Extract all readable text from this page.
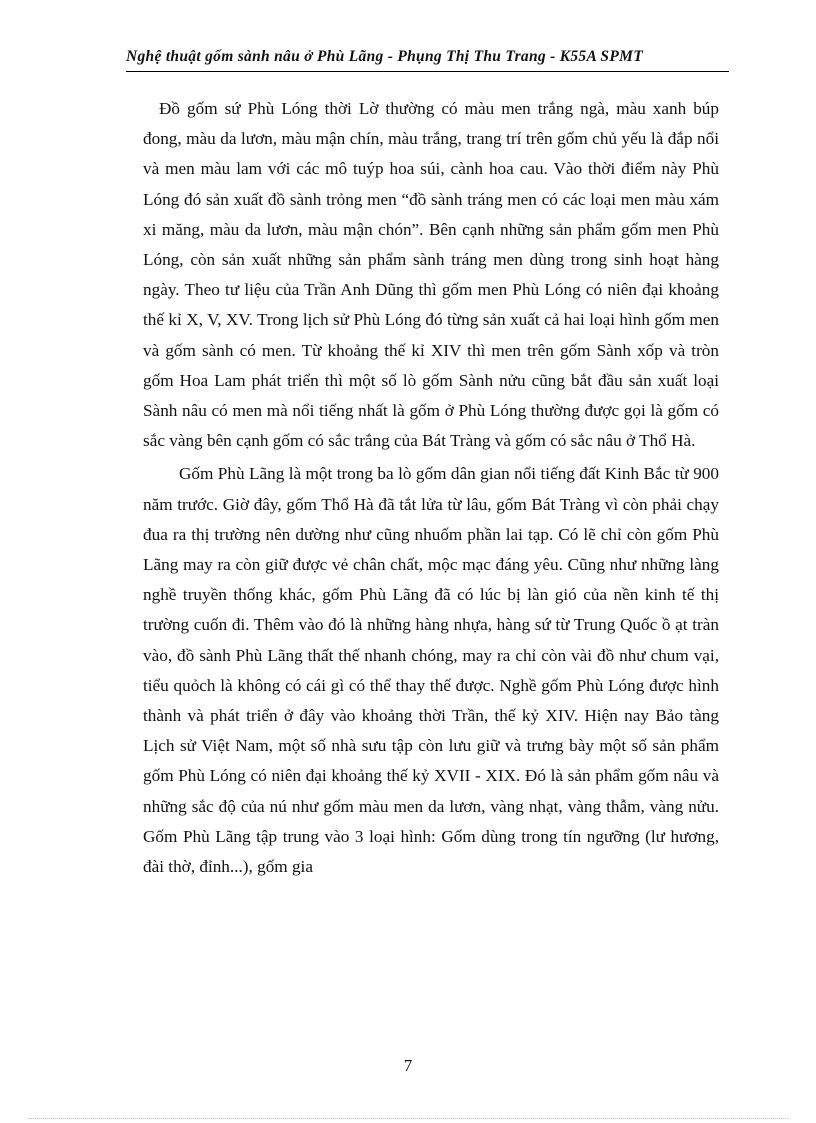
Nghệ thuật gốm sành nâu ở Phù Lãng - Phụng Thị Thu Trang - K55A SPMT

Đồ gốm sứ Phù Lóng thời Lờ thường có màu men trắng ngà, màu xanh búp đong, màu da lươn, màu mận chín, màu trắng, trang trí trên gốm chủ yếu là đắp nổi và men màu lam với các mô tuýp hoa súi, cành hoa cau. Vào thời điểm này Phù Lóng đó sản xuất đồ sành trỏng men “đồ sành tráng men có các loại men màu xám xi măng, màu da lươn, màu mận chón”. Bên cạnh những sản phẩm gốm men Phù Lóng, còn sản xuất những sản phẩm sành tráng men dùng trong sinh hoạt hàng ngày. Theo tư liệu của Trần Anh Dũng thì gốm men Phù Lóng có niên đại khoảng thế kỉ X, V, XV. Trong lịch sử Phù Lóng đó từng sản xuất cả hai loại hình gốm men và gốm sành có men. Từ khoảng thế kỉ XIV thì men trên gốm Sành xốp và tròn gốm Hoa Lam phát triển thì một số lò gốm Sành nửu cũng bắt đầu sản xuất loại Sành nâu có men mà nổi tiếng nhất là gốm ở Phù Lóng thường được gọi là gốm có sắc vàng bên cạnh gốm có sắc trắng của Bát Tràng và gốm có sắc nâu ở Thổ Hà.

Gốm Phù Lãng là một trong ba lò gốm dân gian nổi tiếng đất Kinh Bắc từ 900 năm trước. Giờ đây, gốm Thổ Hà đã tắt lửa từ lâu, gốm Bát Tràng vì còn phải chạy đua ra thị trường nên dường như cũng nhuốm phần lai tạp. Có lẽ chỉ còn gốm Phù Lãng may ra còn giữ được vẻ chân chất, mộc mạc đáng yêu. Cũng như những làng nghề truyền thống khác, gốm Phù Lãng đã có lúc bị làn gió của nền kinh tế thị trường cuốn đi. Thêm vào đó là những hàng nhựa, hàng sứ từ Trung Quốc ồ ạt tràn vào, đồ sành Phù Lãng thất thế nhanh chóng, may ra chỉ còn vài đồ như chum vại, tiểu quỏch là không có cái gì có thể thay thế được. Nghề gốm Phù Lóng được hình thành và phát triển ở đây vào khoảng thời Trần, thế kỷ XIV. Hiện nay Bảo tàng Lịch sử Việt Nam, một số nhà sưu tập còn lưu giữ và trưng bày một số sản phẩm gốm Phù Lóng có niên đại khoảng thế kỷ XVII - XIX. Đó là sản phẩm gốm nâu và những sắc độ của nú như gốm màu men da lươn, vàng nhạt, vàng thẫm, vàng nửu. Gốm Phù Lãng tập trung vào 3 loại hình: Gốm dùng trong tín ngưỡng (lư hương, đài thờ, đỉnh...), gốm gia

7
